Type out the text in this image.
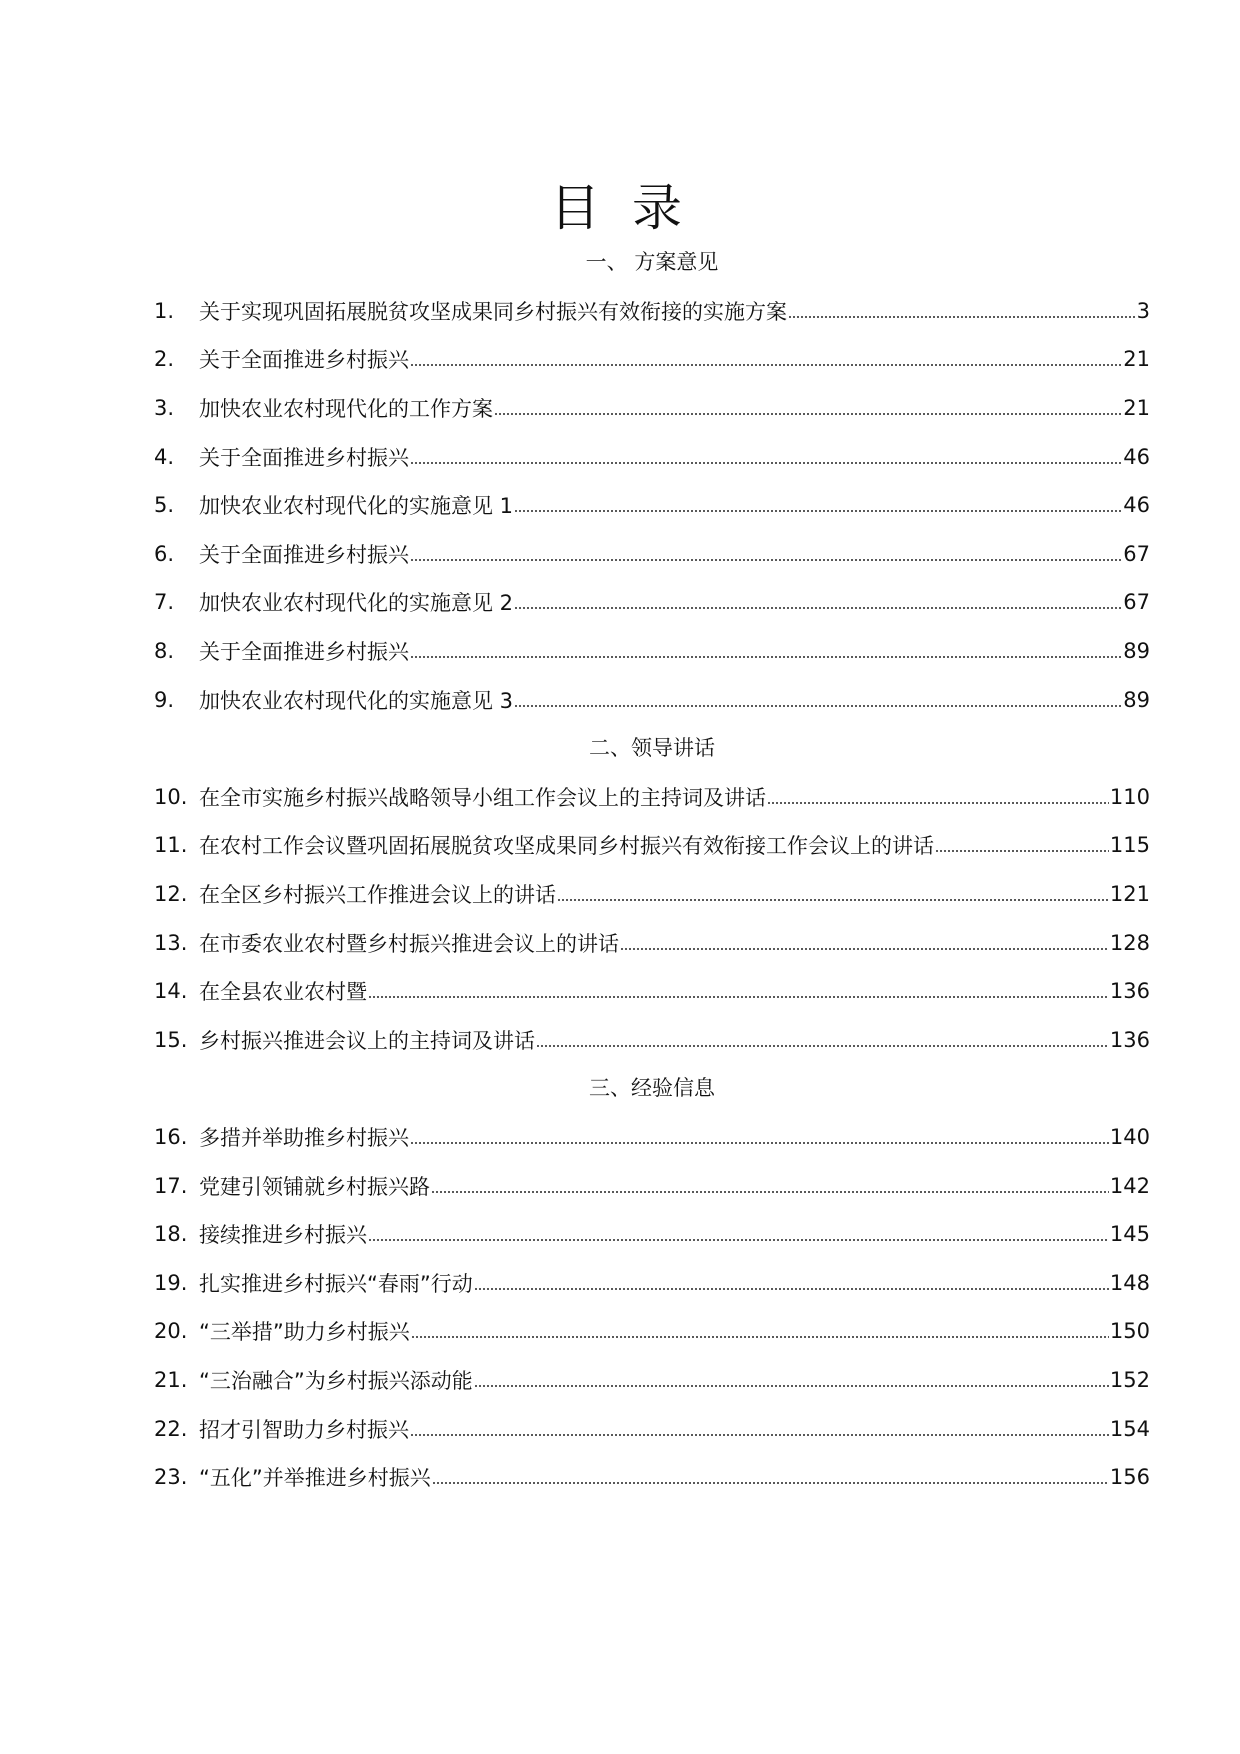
目 录
一、 方案意见
1.	关于实现巩固拓展脱贫攻坚成果同乡村振兴有效衔接的实施方案	3
2.	关于全面推进乡村振兴	21
3.	加快农业农村现代化的工作方案	21
4.	关于全面推进乡村振兴	46
5.	加快农业农村现代化的实施意见 1	46
6.	关于全面推进乡村振兴	67
7.	加快农业农村现代化的实施意见 2	67
8.	关于全面推进乡村振兴	89
9.	加快农业农村现代化的实施意见 3	89
二、领导讲话
10. 在全市实施乡村振兴战略领导小组工作会议上的主持词及讲话	110
11. 在农村工作会议暨巩固拓展脱贫攻坚成果同乡村振兴有效衔接工作会议上的讲话	115
12. 在全区乡村振兴工作推进会议上的讲话	121
13. 在市委农业农村暨乡村振兴推进会议上的讲话	128
14. 在全县农业农村暨	136
15. 乡村振兴推进会议上的主持词及讲话	136
三、经验信息
16. 多措并举助推乡村振兴	140
17. 党建引领铺就乡村振兴路	142
18. 接续推进乡村振兴	145
19. 扎实推进乡村振兴“春雨”行动	148
20. “三举措”助力乡村振兴	150
21. “三治融合”为乡村振兴添动能	152
22. 招才引智助力乡村振兴	154
23. “五化”并举推进乡村振兴	156
